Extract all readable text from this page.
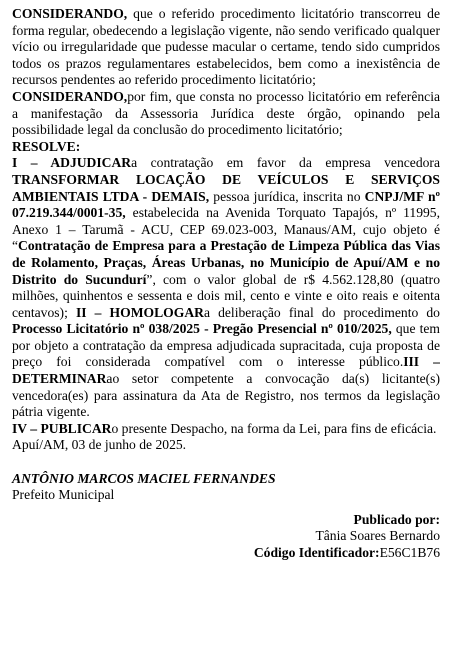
CONSIDERANDO, que o referido procedimento licitatório transcorreu de forma regular, obedecendo a legislação vigente, não sendo verificado qualquer vício ou irregularidade que pudesse macular o certame, tendo sido cumpridos todos os prazos regulamentares estabelecidos, bem como a inexistência de recursos pendentes ao referido procedimento licitatório;

CONSIDERANDO,por fim, que consta no processo licitatório em referência a manifestação da Assessoria Jurídica deste órgão, opinando pela possibilidade legal da conclusão do procedimento licitatório;

RESOLVE:

I – ADJUDICARa contratação em favor da empresa vencedora TRANSFORMAR LOCAÇÃO DE VEÍCULOS E SERVIÇOS AMBIENTAIS LTDA - DEMAIS, pessoa jurídica, inscrita no CNPJ/MF nº 07.219.344/0001-35, estabelecida na Avenida Torquato Tapajós, nº 11995, Anexo 1 – Tarumã - ACU, CEP 69.023-003, Manaus/AM, cujo objeto é “Contratação de Empresa para a Prestação de Limpeza Pública das Vias de Rolamento, Praças, Áreas Urbanas, no Município de Apuí/AM e no Distrito do Sucundurí”, com o valor global de r$ 4.562.128,80 (quatro milhões, quinhentos e sessenta e dois mil, cento e vinte e oito reais e oitenta centavos); II – HOMOLOGARa deliberação final do procedimento do Processo Licitatório nº 038/2025 - Pregão Presencial nº 010/2025, que tem por objeto a contratação da empresa adjudicada supracitada, cuja proposta de preço foi considerada compatível com o interesse público.III – DETERMINARao setor competente a convocação da(s) licitante(s) vencedora(es) para assinatura da Ata de Registro, nos termos da legislação pátria vigente.

IV – PUBLICARo presente Despacho, na forma da Lei, para fins de eficácia.

Apuí/AM, 03 de junho de 2025.

ANTÔNIO MARCOS MACIEL FERNANDES

Prefeito Municipal

Publicado por:

Tânia Soares Bernardo

Código Identificador:E56C1B76
